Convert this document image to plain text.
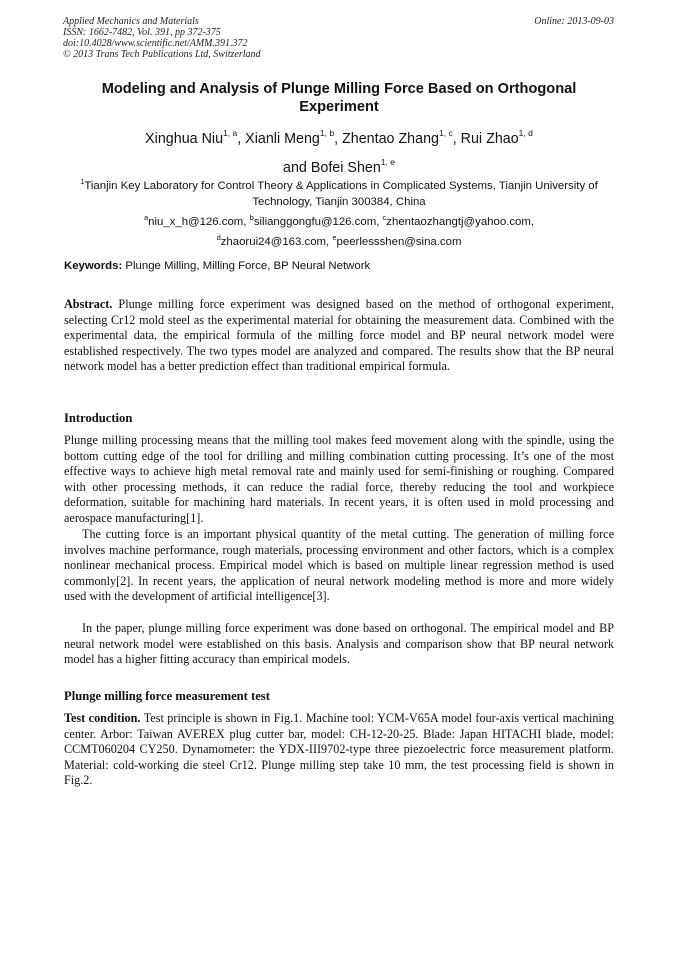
Applied Mechanics and Materials
ISSN: 1662-7482, Vol. 391, pp 372-375
doi:10.4028/www.scientific.net/AMM.391.372
© 2013 Trans Tech Publications Ltd, Switzerland
Online: 2013-09-03
Modeling and Analysis of Plunge Milling Force Based on Orthogonal Experiment
Xinghua Niu$^{1, a}$, Xianli Meng$^{1, b}$, Zhentao Zhang$^{1, c}$, Rui Zhao$^{1, d}$
and Bofei Shen$^{1, e}$
$^1$Tianjin Key Laboratory for Control Theory & Applications in Complicated Systems, Tianjin University of Technology, Tianjin 300384, China
$^a$niu_x_h@126.com, $^b$silianggongfu@126.com, $^c$zhentaozhangtj@yahoo.com,
$^d$zhaorui24@163.com, $^e$peerlessshen@sina.com
Keywords: Plunge Milling, Milling Force, BP Neural Network
Abstract. Plunge milling force experiment was designed based on the method of orthogonal experiment, selecting Cr12 mold steel as the experimental material for obtaining the measurement data. Combined with the experimental data, the empirical formula of the milling force model and BP neural network model were established respectively. The two types model are analyzed and compared. The results show that the BP neural network model has a better prediction effect than traditional empirical formula.
Introduction
Plunge milling processing means that the milling tool makes feed movement along with the spindle, using the bottom cutting edge of the tool for drilling and milling combination cutting processing. It’s one of the most effective ways to achieve high metal removal rate and mainly used for semi-finishing or roughing. Compared with other processing methods, it can reduce the radial force, thereby reducing the tool and workpiece deformation, suitable for machining hard materials. In recent years, it is often used in mold processing and aerospace manufacturing[1].
The cutting force is an important physical quantity of the metal cutting. The generation of milling force involves machine performance, rough materials, processing environment and other factors, which is a complex nonlinear mechanical process. Empirical model which is based on multiple linear regression method is used commonly[2]. In recent years, the application of neural network modeling method is more and more widely used with the development of artificial intelligence[3].
In the paper, plunge milling force experiment was done based on orthogonal. The empirical model and BP neural network model were established on this basis. Analysis and comparison show that BP neural network model has a higher fitting accuracy than empirical models.
Plunge milling force measurement test
Test condition. Test principle is shown in Fig.1. Machine tool: YCM-V65A model four-axis vertical machining center. Arbor: Taiwan AVEREX plug cutter bar, model: CH-12-20-25. Blade: Japan HITACHI blade, model: CCMT060204 CY250. Dynamometer: the YDX-III9702-type three piezoelectric force measurement platform. Material: cold-working die steel Cr12. Plunge milling step take 10 mm, the test processing field is shown in Fig.2.
